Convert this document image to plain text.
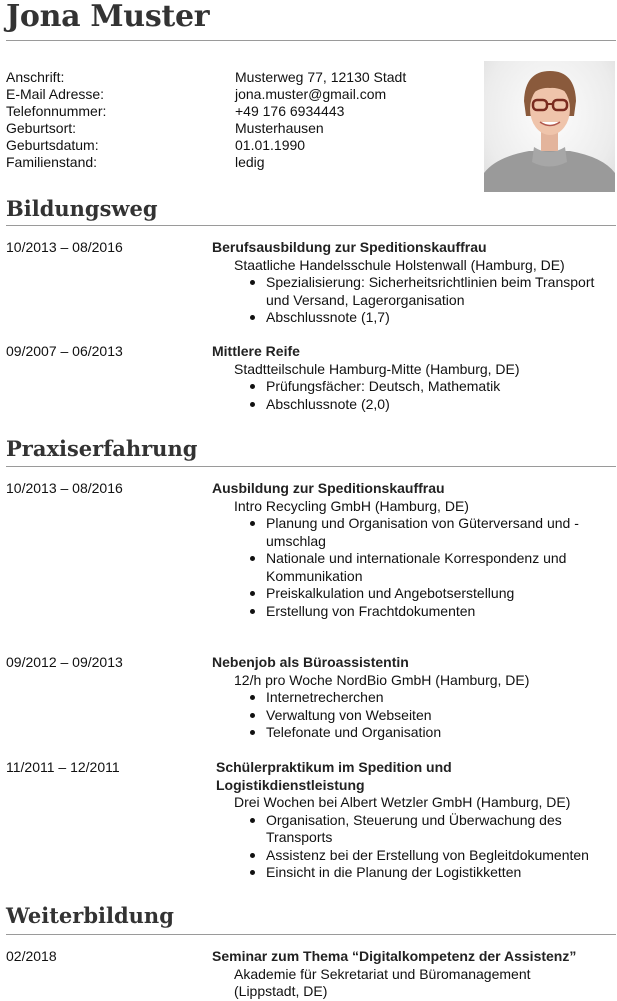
Jona Muster
Anschrift:	Musterweg 77, 12130 Stadt
E-Mail Adresse:	jona.muster@gmail.com
Telefonnummer:	+49 176 6934443
Geburtsort:	Musterhausen
Geburtsdatum:	01.01.1990
Familienstand:	ledig
Bildungsweg
10/2013 – 08/2016	Berufsausbildung zur Speditionskauffrau
Staatliche Handelsschule Holstenwall (Hamburg, DE)
Spezialisierung: Sicherheitsrichtlinien beim Transport und Versand, Lagerorganisation
Abschlussnote (1,7)
09/2007 – 06/2013	Mittlere Reife
Stadtteilschule Hamburg-Mitte (Hamburg, DE)
Prüfungsfächer: Deutsch, Mathematik
Abschlussnote (2,0)
Praxiserfahrung
10/2013 – 08/2016	Ausbildung zur Speditionskauffrau
Intro Recycling GmbH (Hamburg, DE)
Planung und Organisation von Güterversand und -umschlag
Nationale und internationale Korrespondenz und Kommunikation
Preiskalkulation und Angebotserstellung
Erstellung von Frachtdokumenten
09/2012 – 09/2013	Nebenjob als Büroassistentin
12/h pro Woche NordBio GmbH (Hamburg, DE)
Internetrecherchen
Verwaltung von Webseiten
Telefonate und Organisation
11/2011 – 12/2011	Schülerpraktikum im Spedition und Logistikdienstleistung
Drei Wochen bei Albert Wetzler GmbH (Hamburg, DE)
Organisation, Steuerung und Überwachung des Transports
Assistenz bei der Erstellung von Begleitdokumenten
Einsicht in die Planung der Logistikketten
Weiterbildung
02/2018	Seminar zum Thema “Digitalkompetenz der Assistenz”
Akademie für Sekretariat und Büromanagement (Lippstadt, DE)
